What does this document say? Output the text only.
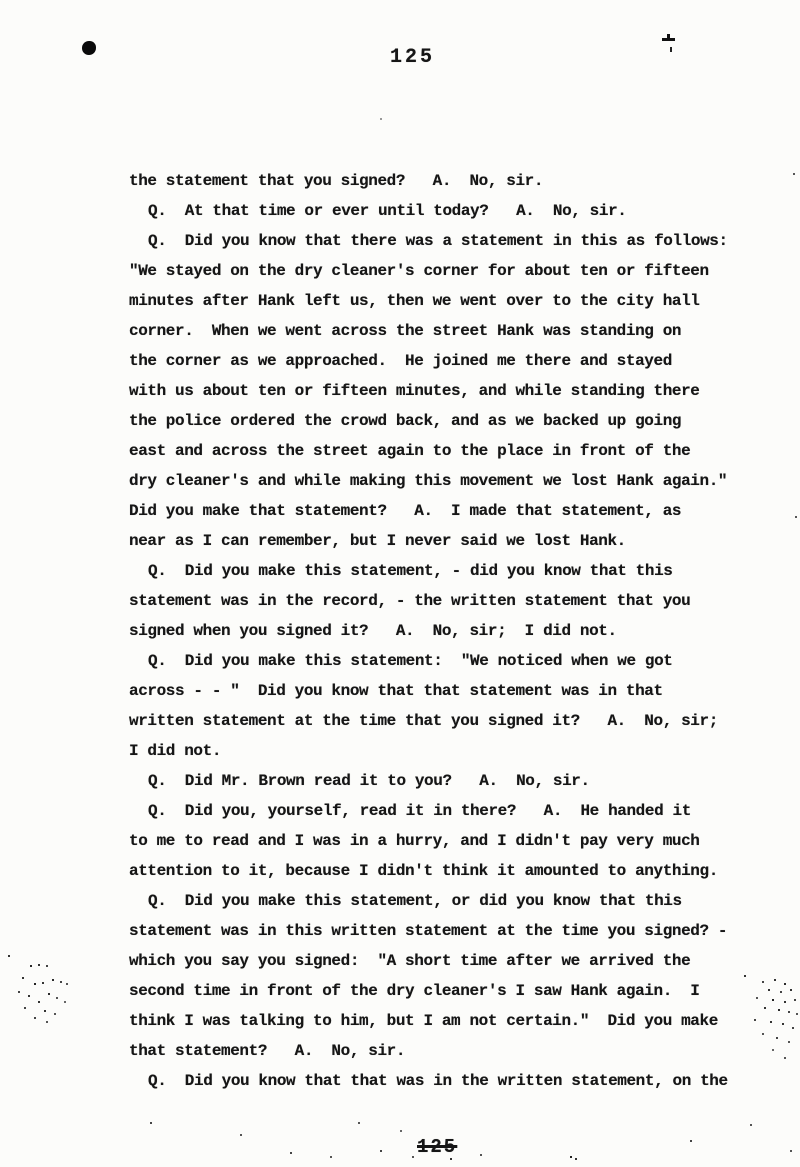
125
the statement that you signed?   A.  No, sir.
Q.  At that time or ever until today?   A.  No, sir.
Q.  Did you know that there was a statement in this as follows:
"We stayed on the dry cleaner's corner for about ten or fifteen
minutes after Hank left us, then we went over to the city hall
corner.  When we went across the street Hank was standing on
the corner as we approached.  He joined me there and stayed
with us about ten or fifteen minutes, and while standing there
the police ordered the crowd back, and as we backed up going
east and across the street again to the place in front of the
dry cleaner's and while making this movement we lost Hank again."
Did you make that statement?   A.  I made that statement, as
near as I can remember, but I never said we lost Hank.
Q.  Did you make this statement, - did you know that this
statement was in the record, - the written statement that you
signed when you signed it?   A.  No, sir;  I did not.
Q.  Did you make this statement:  "We noticed when we got
across - - "  Did you know that that statement was in that
written statement at the time that you signed it?   A.  No, sir;
I did not.
Q.  Did Mr. Brown read it to you?   A.  No, sir.
Q.  Did you, yourself, read it in there?   A.  He handed it
to me to read and I was in a hurry, and I didn't pay very much
attention to it, because I didn't think it amounted to anything.
Q.  Did you make this statement, or did you know that this
statement was in this written statement at the time you signed? -
which you say you signed:  "A short time after we arrived the
second time in front of the dry cleaner's I saw Hank again.  I
think I was talking to him, but I am not certain."  Did you make
that statement?   A.  No, sir.
Q.  Did you know that that was in the written statement, on the
125
